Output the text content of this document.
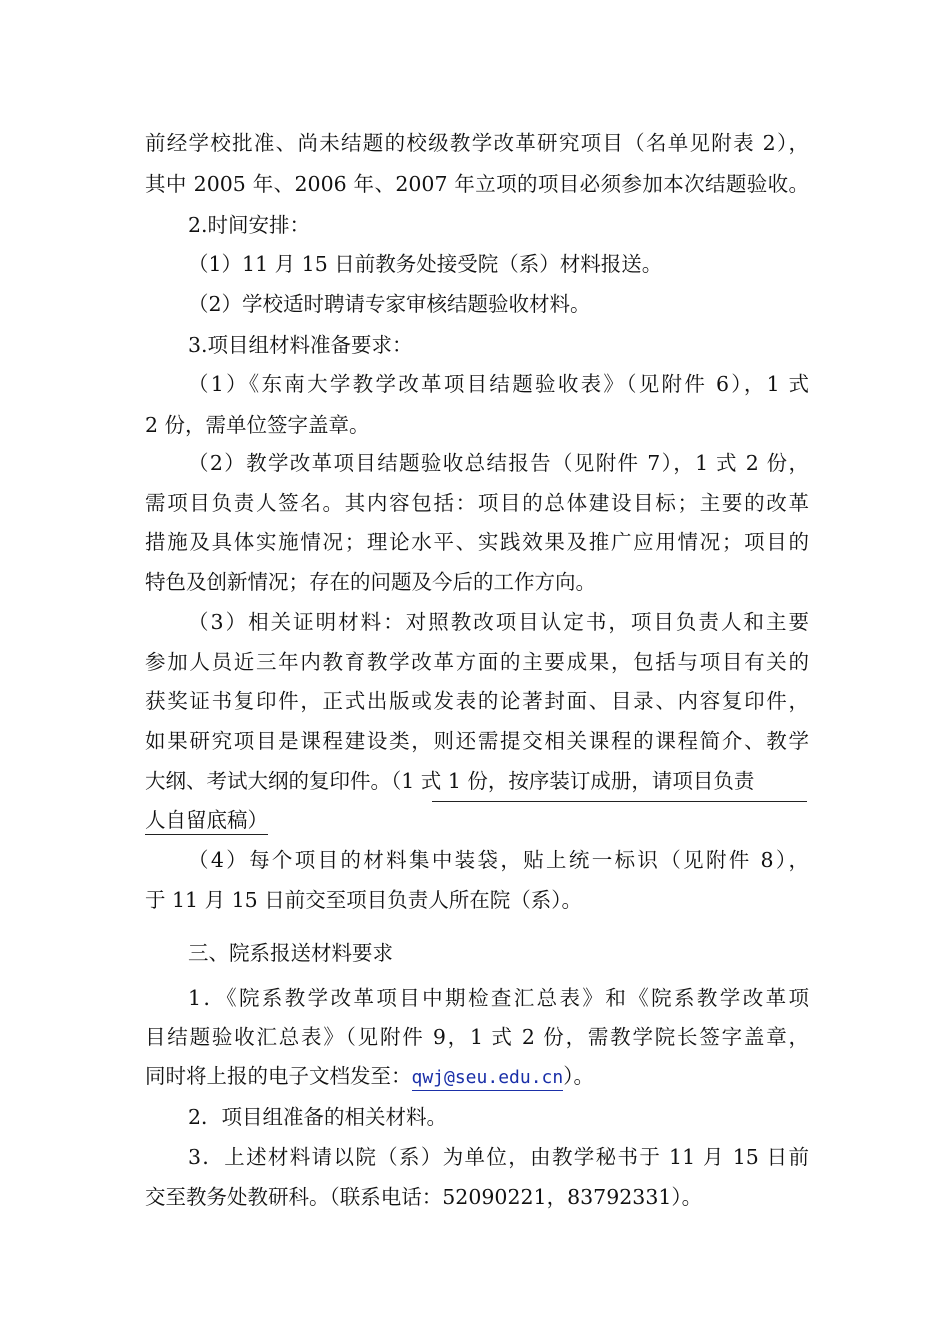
前经学校批准、尚未结题的校级教学改革研究项目（名单见附表 2），
其中 2005 年、2006 年、2007 年立项的项目必须参加本次结题验收。
2.时间安排：
（1）11 月 15 日前教务处接受院（系）材料报送。
（2）学校适时聘请专家审核结题验收材料。
3.项目组材料准备要求：
（1）《东南大学教学改革项目结题验收表》（见附件 6），1 式
2 份，需单位签字盖章。
（2）教学改革项目结题验收总结报告（见附件 7），1 式 2 份，
需项目负责人签名。其内容包括：项目的总体建设目标；主要的改革
措施及具体实施情况；理论水平、实践效果及推广应用情况；项目的
特色及创新情况；存在的问题及今后的工作方向。
（3）相关证明材料：对照教改项目认定书，项目负责人和主要
参加人员近三年内教育教学改革方面的主要成果，包括与项目有关的
获奖证书复印件，正式出版或发表的论著封面、目录、内容复印件，
如果研究项目是课程建设类，则还需提交相关课程的课程简介、教学
大纲、考试大纲的复印件。（1 式 1 份，按序装订成册，请项目负责
人自留底稿）
（4）每个项目的材料集中装袋，贴上统一标识（见附件 8），
于 11 月 15 日前交至项目负责人所在院（系）。
三、院系报送材料要求
1．《院系教学改革项目中期检查汇总表》和《院系教学改革项
目结题验收汇总表》（见附件 9，1 式 2 份，需教学院长签字盖章，
同时将上报的电子文档发至：qwj@seu.edu.cn）。
2．项目组准备的相关材料。
3．上述材料请以院（系）为单位，由教学秘书于 11 月 15 日前
交至教务处教研科。（联系电话：52090221，83792331）。
